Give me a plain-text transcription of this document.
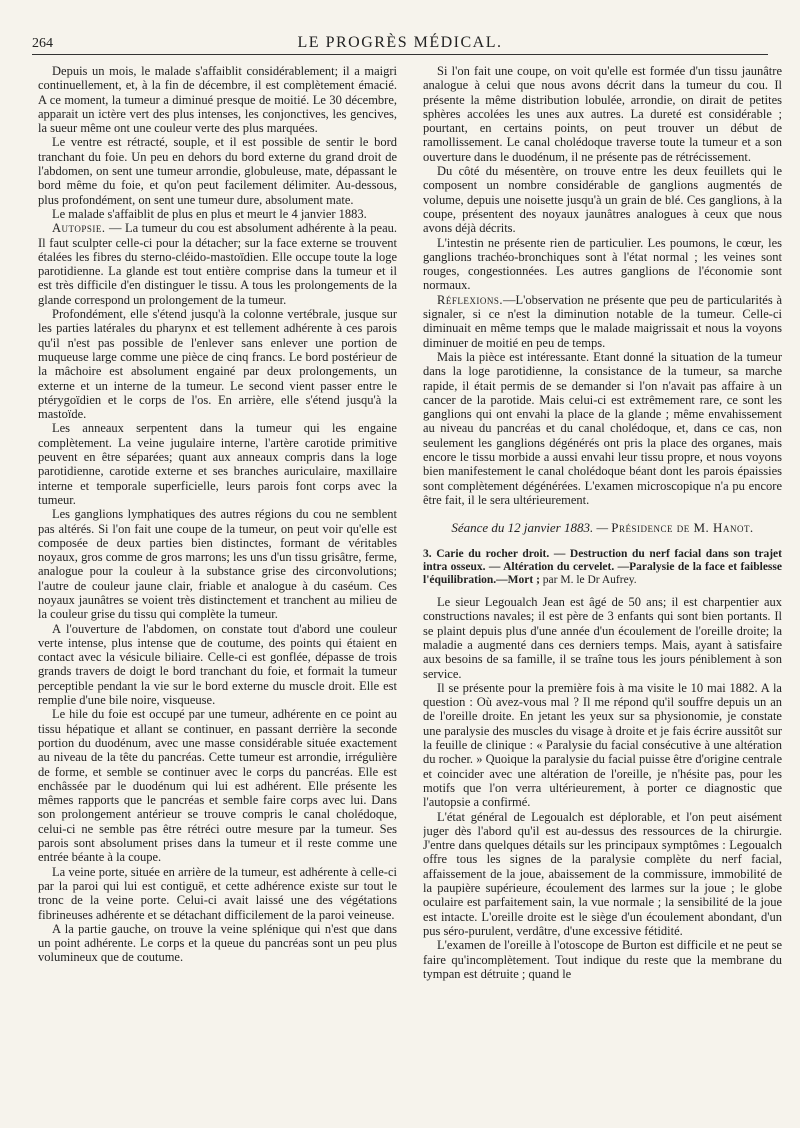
264	LE PROGRÈS MÉDICAL.

Depuis un mois, le malade s'affaiblit considérablement; il a maigri continuellement, et, à la fin de décembre, il est complètement émacié. A ce moment, la tumeur a diminué presque de moitié. Le 30 décembre, apparait un ictère vert des plus intenses, les conjonctives, les gencives, la sueur même ont une couleur verte des plus marquées.

Le ventre est rétracté, souple, et il est possible de sentir le bord tranchant du foie. Un peu en dehors du bord externe du grand droit de l'abdomen, on sent une tumeur arrondie, globuleuse, mate, dépassant le bord même du foie, et qu'on peut facilement délimiter. Au-dessous, plus profondément, on sent une tumeur dure, absolument mate.

Le malade s'affaiblit de plus en plus et meurt le 4 janvier 1883.

Autopsie. — La tumeur du cou est absolument adhérente à la peau. Il faut sculpter celle-ci pour la détacher; sur la face externe se trouvent étalées les fibres du sterno-cléido-mastoïdien. Elle occupe toute la loge parotidienne. La glande est tout entière comprise dans la tumeur et il est très difficile d'en distinguer le tissu. A tous les prolongements de la glande correspond un prolongement de la tumeur.

Profondément, elle s'étend jusqu'à la colonne vertébrale, jusque sur les parties latérales du pharynx et est tellement adhérente à ces parois qu'il n'est pas possible de l'enlever sans enlever une portion de muqueuse large comme une pièce de cinq francs. Le bord postérieur de la mâchoire est absolument engainé par deux prolongements, un externe et un interne de la tumeur. Le second vient passer entre le ptérygoïdien et le corps de l'os. En arrière, elle s'étend jusqu'à la mastoïde.

Les anneaux serpentent dans la tumeur qui les engaine complètement. La veine jugulaire interne, l'artère carotide primitive peuvent en être séparées; quant aux anneaux compris dans la loge parotidienne, carotide externe et ses branches auriculaire, maxillaire interne et temporale superficielle, leurs parois font corps avec la tumeur.

Les ganglions lymphatiques des autres régions du cou ne semblent pas altérés. Si l'on fait une coupe de la tumeur, on peut voir qu'elle est composée de deux parties bien distinctes, formant de véritables noyaux, gros comme de gros marrons; les uns d'un tissu grisâtre, ferme, analogue pour la couleur à la substance grise des circonvolutions; l'autre de couleur jaune clair, friable et analogue à du caséum. Ces noyaux jaunâtres se voient très distinctement et tranchent au milieu de la couleur grise du tissu qui complète la tumeur.

A l'ouverture de l'abdomen, on constate tout d'abord une couleur verte intense, plus intense que de coutume, des points qui étaient en contact avec la vésicule biliaire. Celle-ci est gonflée, dépasse de trois grands travers de doigt le bord tranchant du foie, et formait la tumeur perceptible pendant la vie sur le bord externe du muscle droit. Elle est remplie d'une bile noire, visqueuse.

Le hile du foie est occupé par une tumeur, adhérente en ce point au tissu hépatique et allant se continuer, en passant derrière la seconde portion du duodénum, avec une masse considérable située exactement au niveau de la tête du pancréas. Cette tumeur est arrondie, irrégulière de forme, et semble se continuer avec le corps du pancréas. Elle est enchâssée par le duodénum qui lui est adhérent. Elle présente les mêmes rapports que le pancréas et semble faire corps avec lui. Dans son prolongement antérieur se trouve compris le canal cholédoque, celui-ci ne semble pas être rétréci outre mesure par la tumeur. Ses parois sont absolument prises dans la tumeur et il reste comme une entrée béante à la coupe.

La veine porte, située en arrière de la tumeur, est adhérente à celle-ci par la paroi qui lui est contiguë, et cette adhérence existe sur tout le tronc de la veine porte. Celui-ci avait laissé une des végétations fibrineuses adhérente et se détachant difficilement de la paroi veineuse.

A la partie gauche, on trouve la veine splénique qui n'est que dans un point adhérente. Le corps et la queue du pancréas sont un peu plus volumineux que de coutume.

Si l'on fait une coupe, on voit qu'elle est formée d'un tissu jaunâtre analogue à celui que nous avons décrit dans la tumeur du cou. Il présente la même distribution lobulée, arrondie, on dirait de petites sphères accolées les unes aux autres. La dureté est considérable ; pourtant, en certains points, on peut trouver un début de ramollissement. Le canal cholédoque traverse toute la tumeur et a son ouverture dans le duodénum, il ne présente pas de rétrécissement.

Du côté du mésentère, on trouve entre les deux feuillets qui le composent un nombre considérable de ganglions augmentés de volume, depuis une noisette jusqu'à un grain de blé. Ces ganglions, à la coupe, présentent des noyaux jaunâtres analogues à ceux que nous avons déjà décrits.

L'intestin ne présente rien de particulier. Les poumons, le cœur, les ganglions trachéo-bronchiques sont à l'état normal ; les veines sont rouges, congestionnées. Les autres ganglions de l'économie sont normaux.

Réflexions.—L'observation ne présente que peu de particularités à signaler, si ce n'est la diminution notable de la tumeur. Celle-ci diminuait en même temps que le malade maigrissait et nous la voyons diminuer de moitié en peu de temps.

Mais la pièce est intéressante. Etant donné la situation de la tumeur dans la loge parotidienne, la consistance de la tumeur, sa marche rapide, il était permis de se demander si l'on n'avait pas affaire à un cancer de la parotide. Mais celui-ci est extrêmement rare, ce sont les ganglions qui ont envahi la place de la glande ; même envahissement au niveau du pancréas et du canal cholédoque, et, dans ce cas, non seulement les ganglions dégénérés ont pris la place des organes, mais encore le tissu morbide a aussi envahi leur tissu propre, et nous voyons bien manifestement le canal cholédoque béant dont les parois épaissies sont complètement dégénérées. L'examen microscopique n'a pu encore être fait, il le sera ultérieurement.

Séance du 12 janvier 1883. — Présidence de M. Hanot.

3. Carie du rocher droit. — Destruction du nerf facial dans son trajet intra osseux. — Altération du cervelet. —Paralysie de la face et faiblesse l'équilibration.—Mort ; par M. le Dr Aufrey.

Le sieur Legoualch Jean est âgé de 50 ans; il est charpentier aux constructions navales; il est père de 3 enfants qui sont bien portants. Il se plaint depuis plus d'une année d'un écoulement de l'oreille droite; la maladie a augmenté dans ces derniers temps. Mais, ayant à satisfaire aux besoins de sa famille, il se traîne tous les jours péniblement à son service.

Il se présente pour la première fois à ma visite le 10 mai 1882. A la question : Où avez-vous mal ? Il me répond qu'il souffre depuis un an de l'oreille droite. En jetant les yeux sur sa physionomie, je constate une paralysie des muscles du visage à droite et je fais écrire aussitôt sur la feuille de clinique : « Paralysie du facial consécutive à une altération du rocher. » Quoique la paralysie du facial puisse être d'origine centrale et coincider avec une altération de l'oreille, je n'hésite pas, pour les motifs que l'on verra ultérieurement, à porter ce diagnostic que l'autopsie a confirmé.

L'état général de Legoualch est déplorable, et l'on peut aisément juger dès l'abord qu'il est au-dessus des ressources de la chirurgie. J'entre dans quelques détails sur les principaux symptômes : Legoualch offre tous les signes de la paralysie complète du nerf facial, affaissement de la joue, abaissement de la commissure, immobilité de la paupière supérieure, écoulement des larmes sur la joue ; le globe oculaire est parfaitement sain, la vue normale ; la sensibilité de la joue est intacte. L'oreille droite est le siège d'un écoulement abondant, d'un pus séro-purulent, verdâtre, d'une excessive fétidité.

L'examen de l'oreille à l'otoscope de Burton est difficile et ne peut se faire qu'incomplètement. Tout indique du reste que la membrane du tympan est détruite ; quand le
